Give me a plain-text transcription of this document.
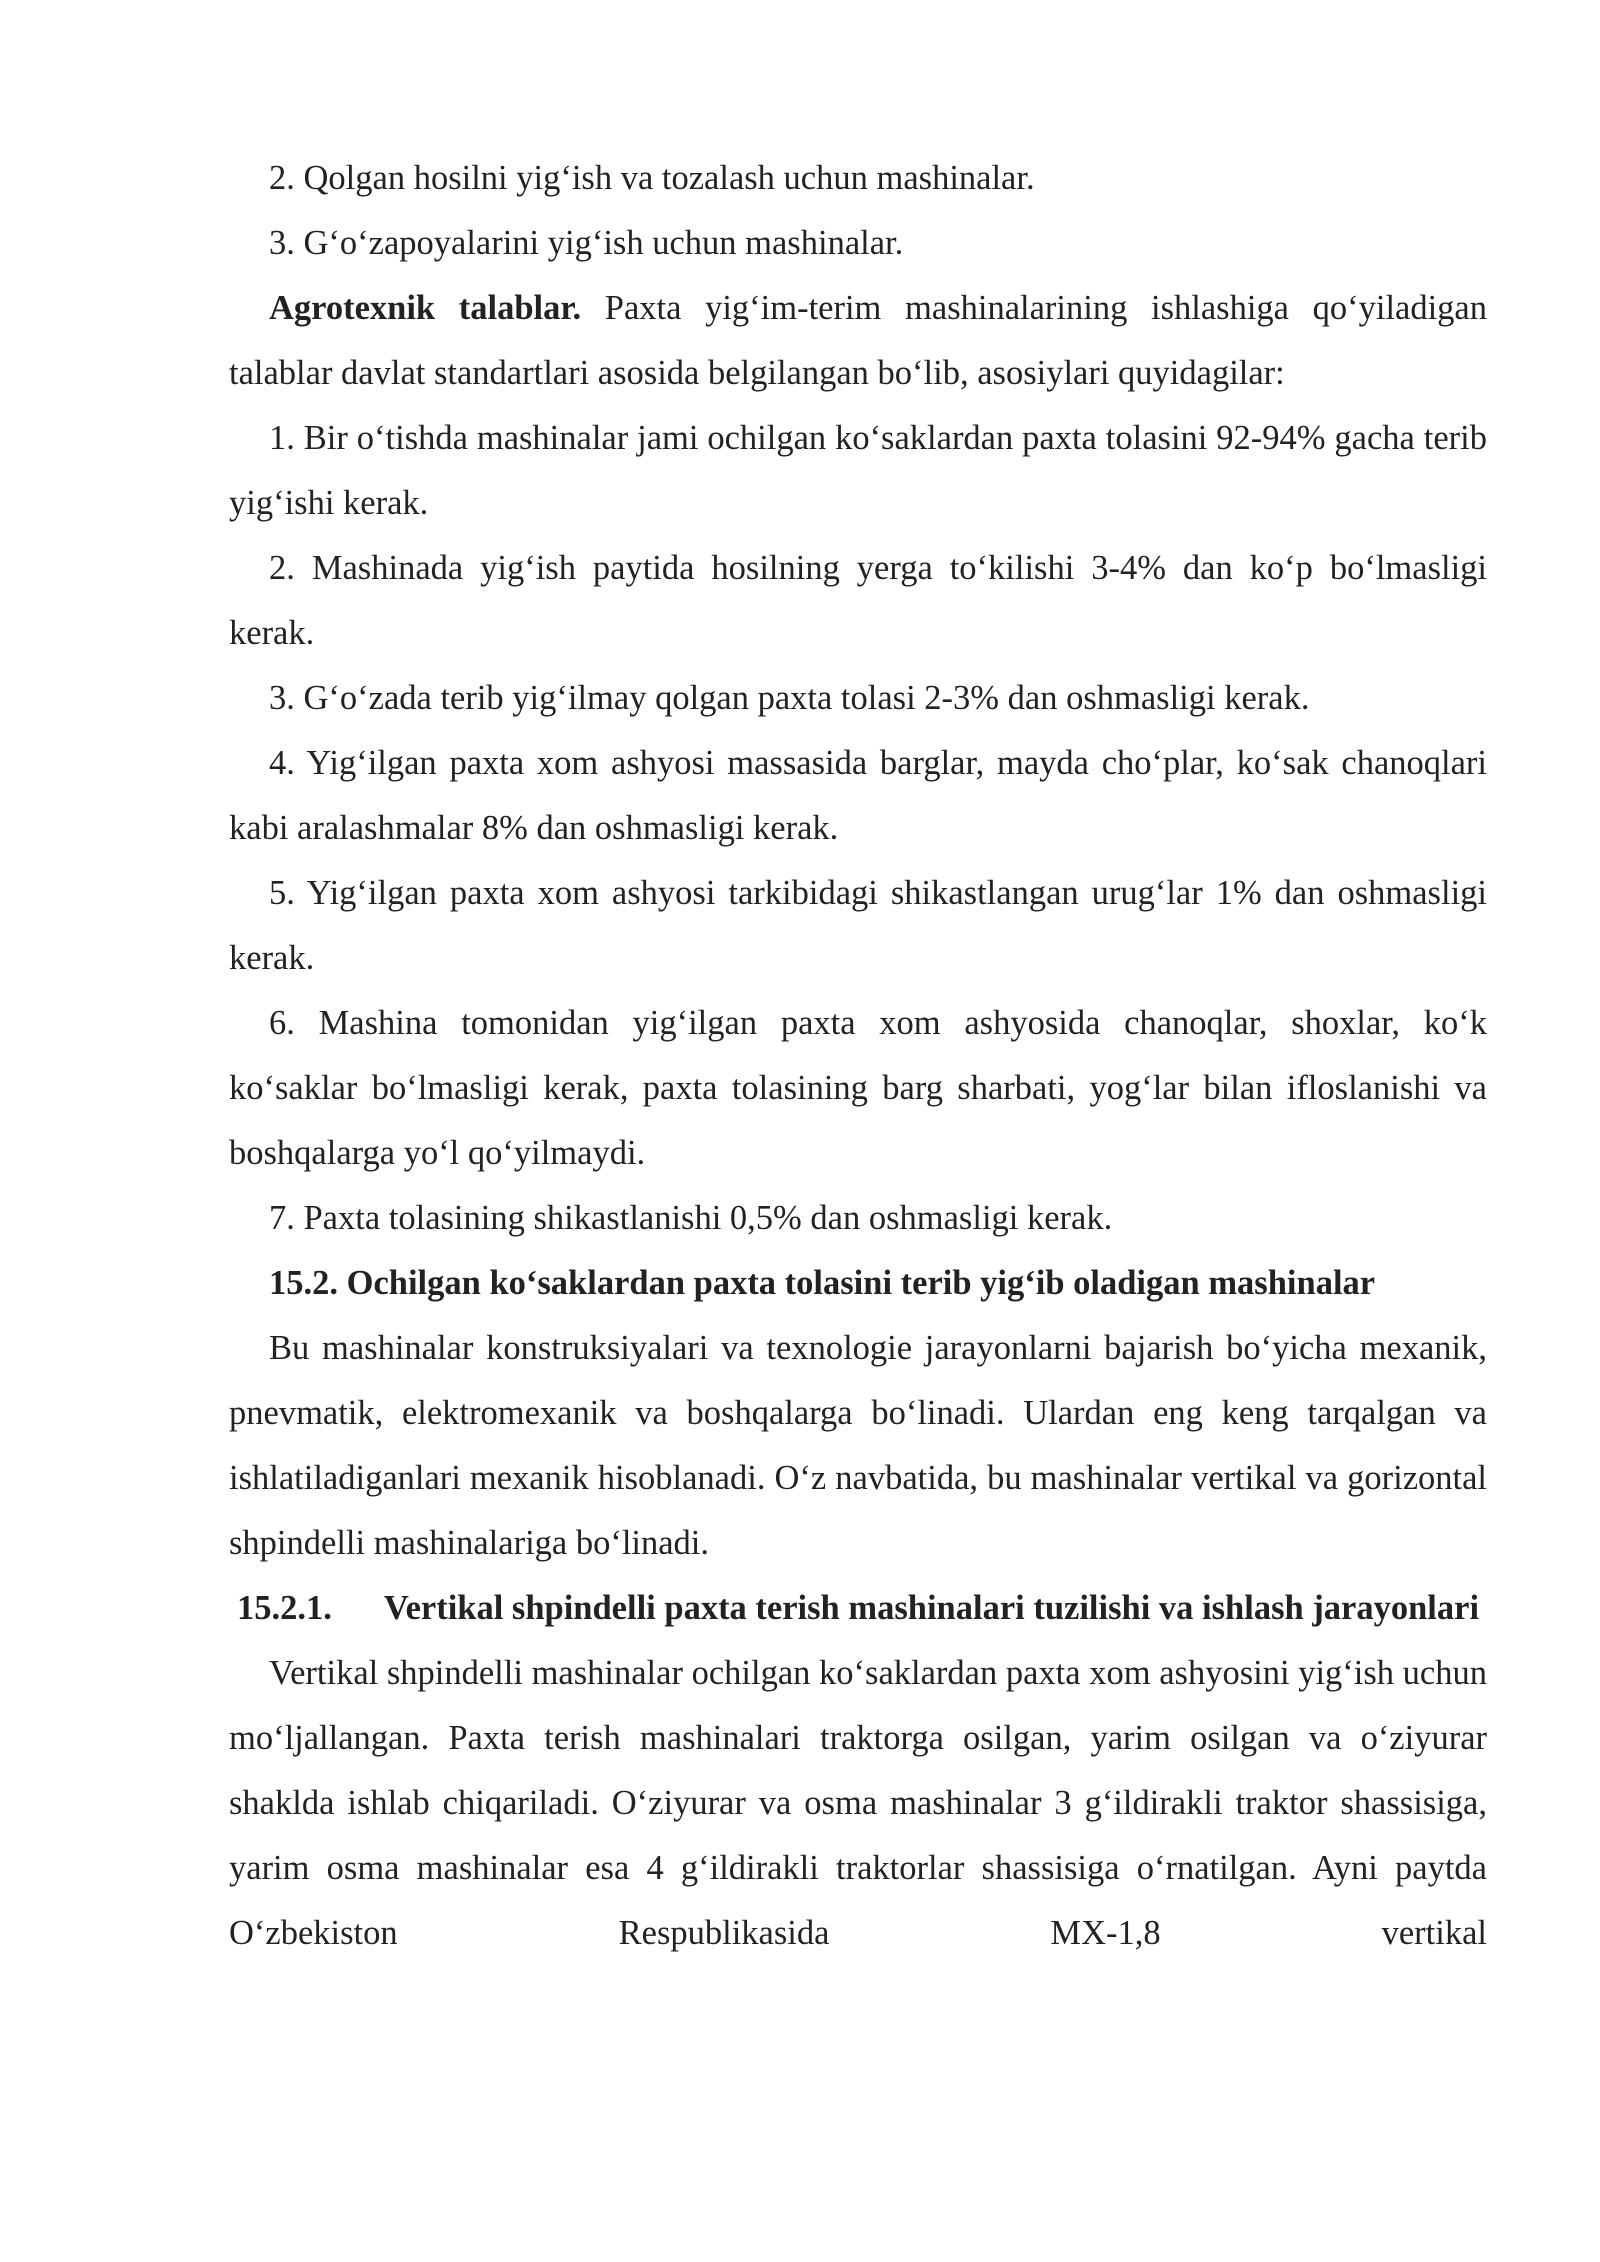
2. Qolgan hosilni yig‘ish va tozalash uchun mashinalar.

3. G‘o‘zapoyalarini yig‘ish uchun mashinalar.

Agrotexnik talablar. Paxta yig‘im-terim mashinalarining ishlashiga qo‘yiladigan talablar davlat standartlari asosida belgilangan bo‘lib, asosiylari quyidagilar:

1. Bir o‘tishda mashinalar jami ochilgan ko‘saklardan paxta tolasini 92-94% gacha terib yig‘ishi kerak.

2. Mashinada yig‘ish paytida hosilning yerga to‘kilishi 3-4% dan ko‘p bo‘lmasligi kerak.

3. G‘o‘zada terib yig‘ilmay qolgan paxta tolasi 2-3% dan oshmasligi kerak.

4. Yig‘ilgan paxta xom ashyosi massasida barglar, mayda cho‘plar, ko‘sak chanoqlari kabi aralashmalar 8% dan oshmasligi kerak.

5. Yig‘ilgan paxta xom ashyosi tarkibidagi shikastlangan urug‘lar 1% dan oshmasligi kerak.

6. Mashina tomonidan yig‘ilgan paxta xom ashyosida chanoqlar, shoxlar, ko‘k ko‘saklar bo‘lmasligi kerak, paxta tolasining barg sharbati, yog‘lar bilan ifloslanishi va boshqalarga yo‘l qo‘yilmaydi.

7. Paxta tolasining shikastlanishi 0,5% dan oshmasligi kerak.

15.2. Ochilgan ko‘saklardan paxta tolasini terib yig‘ib oladigan mashinalar

Bu mashinalar konstruksiyalari va texnologie jarayonlarni bajarish bo‘yicha mexanik, pnevmatik, elektromexanik va boshqalarga bo‘linadi. Ulardan eng keng tarqalgan va ishlatiladiganlari mexanik hisoblanadi. O‘z navbatida, bu mashinalar vertikal va gorizontal shpindelli mashinalariga bo‘linadi.

15.2.1. Vertikal shpindelli paxta terish mashinalari tuzilishi va ishlash jarayonlari

Vertikal shpindelli mashinalar ochilgan ko‘saklardan paxta xom ashyosini yig‘ish uchun mo‘ljallangan. Paxta terish mashinalari traktorga osilgan, yarim osilgan va o‘ziyurar shaklda ishlab chiqariladi. O‘ziyurar va osma mashinalar 3 g‘ildirakli traktor shassisiga, yarim osma mashinalar esa 4 g‘ildirakli traktorlar shassisiga o‘rnatilgan. Ayni paytda O‘zbekiston Respublikasida MX-1,8 vertikal
